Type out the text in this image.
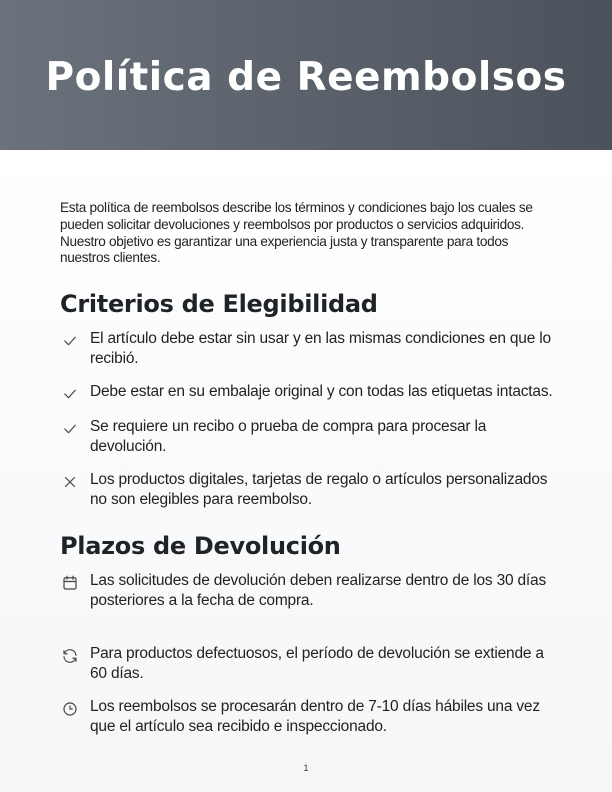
Política de Reembolsos

Esta política de reembolsos describe los términos y condiciones bajo los cuales se pueden solicitar devoluciones y reembolsos por productos o servicios adquiridos.

Nuestro objetivo es garantizar una experiencia justa y transparente para todos nuestros clientes.

Criterios de Elegibilidad
El artículo debe estar sin usar y en las mismas condiciones en que lo recibió.
Debe estar en su embalaje original y con todas las etiquetas intactas.
Se requiere un recibo o prueba de compra para procesar la devolución.
Los productos digitales, tarjetas de regalo o artículos personalizados no son elegibles para reembolso.
Plazos de Devolución
Las solicitudes de devolución deben realizarse dentro de los 30 días posteriores a la fecha de compra.
Para productos defectuosos, el período de devolución se extiende a 60 días.
Los reembolsos se procesarán dentro de 7-10 días hábiles una vez que el artículo sea recibido e inspeccionado.
1
